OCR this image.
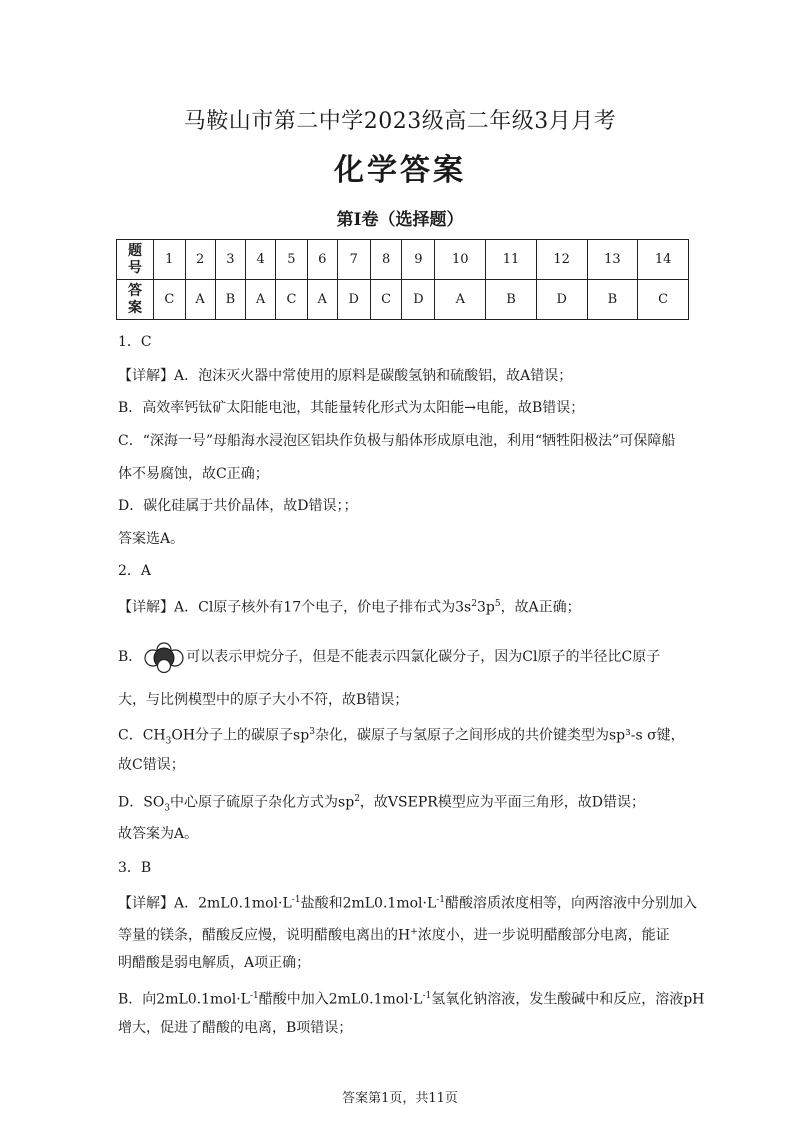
马鞍山市第二中学2023级高二年级3月月考
化学答案
第I卷（选择题）
题
号	1	2	3	4	5	6	7	8	9	10	11	12	13	14
答
案	C	A	B	A	C	A	D	C	D	A	B	D	B	C
1．C
【详解】A．泡沫灭火器中常使用的原料是碳酸氢钠和硫酸铝，故A错误；
B．高效率钙钛矿太阳能电池，其能量转化形式为太阳能→电能，故B错误；
C．“深海一号”母船海水浸泡区铝块作负极与船体形成原电池，利用“牺牲阳极法”可保障船
体不易腐蚀，故C正确；
D．碳化硅属于共价晶体，故D错误；；
答案选A。
2．A
【详解】A．Cl原子核外有17个电子，价电子排布式为$3s^23p^5$，故A正确；
B．	可以表示甲烷分子，但是不能表示四氯化碳分子，因为Cl原子的半径比C原子
大，与比例模型中的原子大小不符，故B错误；
C．$CH_3OH$分子上的碳原子$sp^3$杂化，碳原子与氢原子之间形成的共价键类型为sp³-s σ键，
故C错误；
D．$SO_3$中心原子硫原子杂化方式为$sp^2$，故VSEPR模型应为平面三角形，故D错误；
故答案为A。
3．B
【详解】A．$2mL0.1mol\cdot L^{-1}$盐酸和$2mL0.1mol\cdot L^{-1}$醋酸溶质浓度相等，向两溶液中分别加入
等量的镁条，醋酸反应慢，说明醋酸电离出的H+浓度小，进一步说明醋酸部分电离，能证
明醋酸是弱电解质，A项正确；
B．向$2mL0.1mol\cdot L^{-1}$醋酸中加入$2mL0.1mol\cdot L^{-1}$氢氧化钠溶液，发生酸碱中和反应，溶液pH
增大，促进了醋酸的电离，B项错误；
答案第1页，共11页
